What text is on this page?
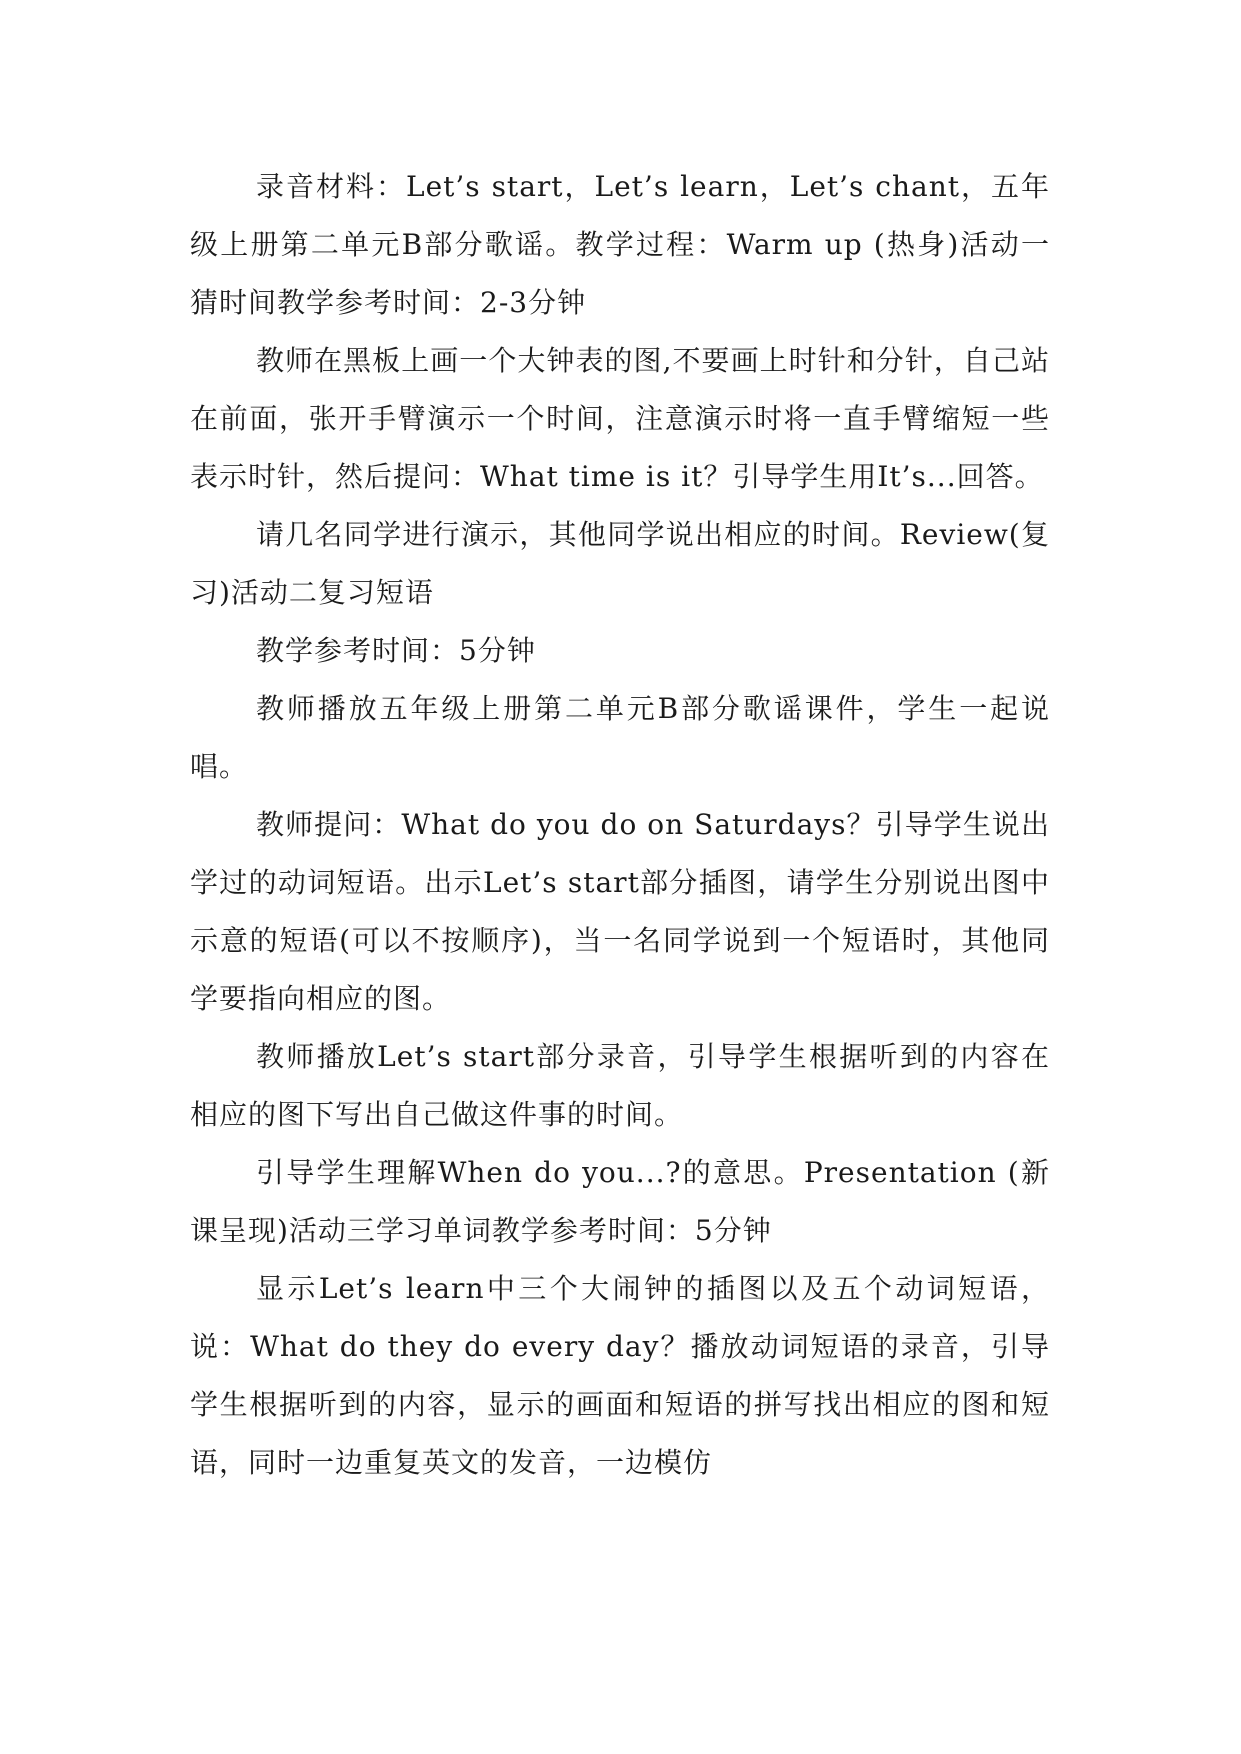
录音材料：Let’s start，Let’s learn，Let’s chant，五年级上册第二单元B部分歌谣。教学过程：Warm up (热身)活动一 猜时间教学参考时间：2-3分钟

教师在黑板上画一个大钟表的图,不要画上时针和分针，自己站在前面，张开手臂演示一个时间，注意演示时将一直手臂缩短一些表示时针，然后提问：What time is it？引导学生用It’s...回答。

请几名同学进行演示，其他同学说出相应的时间。Review(复习)活动二复习短语

教学参考时间：5分钟

教师播放五年级上册第二单元B部分歌谣课件，学生一起说唱。

教师提问：What do you do on Saturdays？引导学生说出学过的动词短语。出示Let’s start部分插图，请学生分别说出图中示意的短语(可以不按顺序)，当一名同学说到一个短语时，其他同学要指向相应的图。

教师播放Let’s start部分录音，引导学生根据听到的内容在相应的图下写出自己做这件事的时间。

引导学生理解When do you...?的意思。Presentation (新课呈现)活动三学习单词教学参考时间：5分钟

显示Let’s learn中三个大闹钟的插图以及五个动词短语，说：What do they do every day？播放动词短语的录音，引导学生根据听到的内容，显示的画面和短语的拼写找出相应的图和短语，同时一边重复英文的发音，一边模仿
